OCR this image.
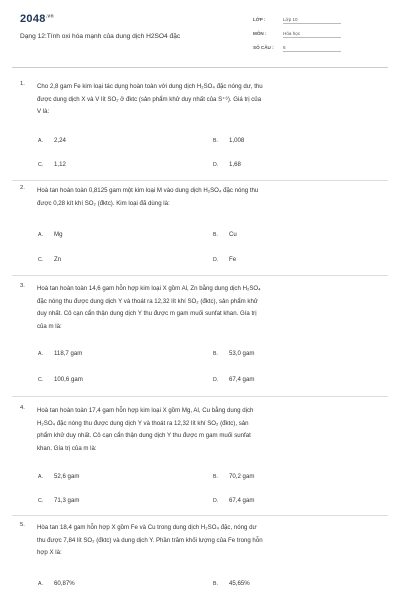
$2048^{.vn}$
Dạng 12:Tính oxi hóa mạnh của dung dịch H2SO4 đặc
LỚP :	Lớp 10
MÔN :	Hóa học
SỐ CÂU :	6
1. Cho 2,8 gam Fe kim loại tác dụng hoàn toàn với dung dịch H₂SO₄ đặc nóng dư, thu
được dung dịch X và V lít SO₂ ở đktc (sản phẩm khử duy nhất của S⁺⁶). Giá trị của
V là:
A. 2,24	B. 1,008
C. 1,12	D. 1,68
2. Hoà tan hoàn toàn 0,8125 gam một kim loại M vào dung dịch H₂SO₄ đặc nóng thu
được 0,28 kít khí SO₂ (đktc). Kim loại đã dùng là:
A. Mg	B. Cu
C. Zn	D. Fe
3. Hoà tan hoàn toàn 14,6 gam hỗn hợp kim loại X gồm Al, Zn bằng dung dịch H₂SO₄
đặc nóng thu được dung dịch Y và thoát ra 12,32 lít khí SO₂ (đktc), sản phẩm khử
duy nhất. Cô cạn cẩn thận dung dịch Y thu được m gam muối sunfat khan. Gía trị
của m là:
A. 118,7 gam	B. 53,0 gam
C. 100,6 gam	D. 67,4 gam
4. Hoà tan hoàn toàn 17,4 gam hỗn hợp kim loại X gồm Mg, Al, Cu bằng dung dịch
H₂SO₄ đặc nóng thu được dung dịch Y và thoát ra 12,32 lít khí SO₂ (đktc), sản
phẩm khử duy nhất. Cô cạn cẩn thận dung dịch Y thu được m gam muối sunfat
khan. Gía trị của m là:
A. 52,6 gam	B. 70,2 gam
C. 71,3 gam	D. 67,4 gam
5. Hòa tan 18,4 gam hỗn hợp X gồm Fe và Cu trong dung dịch H₂SO₄ đặc, nóng dư
thu được 7,84 lít SO₂ (đktc) và dung dịch Y. Phần trăm khối lượng của Fe trong hỗn
hợp X là:
A. 60,87%	B. 45,65%
